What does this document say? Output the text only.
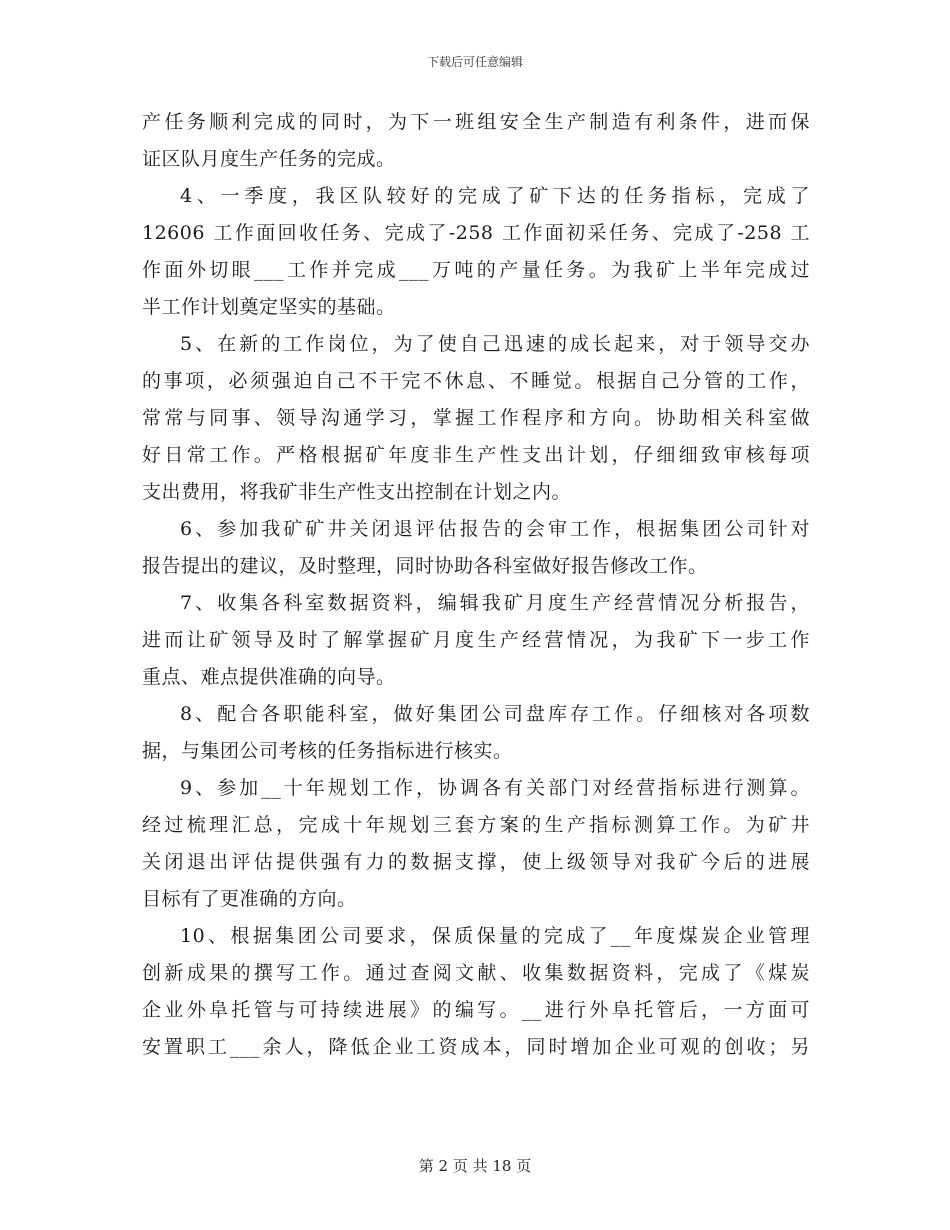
下载后可任意编辑
产任务顺利完成的同时，为下一班组安全生产制造有利条件，进而保
证区队月度生产任务的完成。
4、一季度，我区队较好的完成了矿下达的任务指标，完成了
12606 工作面回收任务、完成了-258 工作面初采任务、完成了-258 工
作面外切眼___工作并完成___万吨的产量任务。为我矿上半年完成过
半工作计划奠定坚实的基础。
5、在新的工作岗位，为了使自己迅速的成长起来，对于领导交办
的事项，必须强迫自己不干完不休息、不睡觉。根据自己分管的工作，
常常与同事、领导沟通学习，掌握工作程序和方向。协助相关科室做
好日常工作。严格根据矿年度非生产性支出计划，仔细细致审核每项
支出费用，将我矿非生产性支出控制在计划之内。
6、参加我矿矿井关闭退评估报告的会审工作，根据集团公司针对
报告提出的建议，及时整理，同时协助各科室做好报告修改工作。
7、收集各科室数据资料，编辑我矿月度生产经营情况分析报告，
进而让矿领导及时了解掌握矿月度生产经营情况，为我矿下一步工作
重点、难点提供准确的向导。
8、配合各职能科室，做好集团公司盘库存工作。仔细核对各项数
据，与集团公司考核的任务指标进行核实。
9、参加__十年规划工作，协调各有关部门对经营指标进行测算。
经过梳理汇总，完成十年规划三套方案的生产指标测算工作。为矿井
关闭退出评估提供强有力的数据支撑，使上级领导对我矿今后的进展
目标有了更准确的方向。
10、根据集团公司要求，保质保量的完成了__年度煤炭企业管理
创新成果的撰写工作。通过查阅文献、收集数据资料，完成了《煤炭
企业外阜托管与可持续进展》的编写。__进行外阜托管后，一方面可
安置职工___余人，降低企业工资成本，同时增加企业可观的创收；另
第 2 页 共 18 页
